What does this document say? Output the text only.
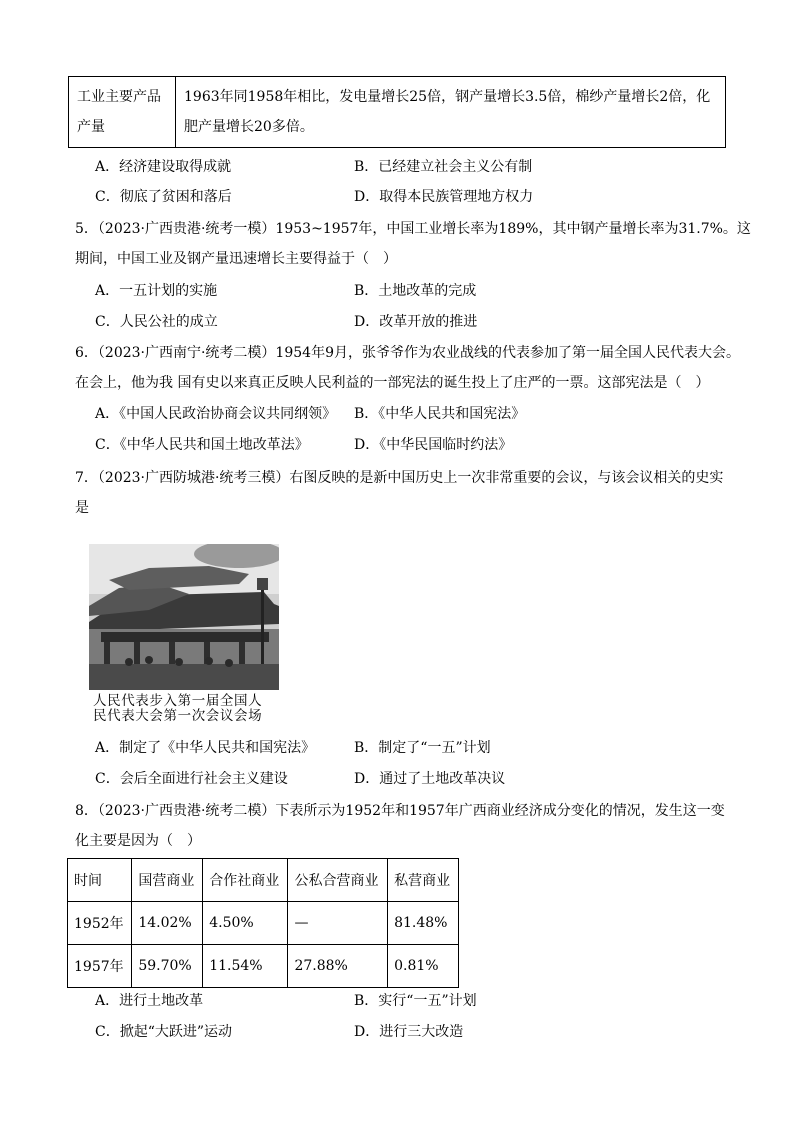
工业主要产品产量	1963年同1958年相比，发电量增长25倍，钢产量增长3.5倍，棉纱产量增长2倍，化肥产量增长20多倍。
A．经济建设取得成就	B．已经建立社会主义公有制
C．彻底了贫困和落后	D．取得本民族管理地方权力
5．（2023·广西贵港·统考一模）1953~1957年，中国工业增长率为189%，其中钢产量增长率为31.7%。这
期间，中国工业及钢产量迅速增长主要得益于（　）
A．一五计划的实施	B．土地改革的完成
C．人民公社的成立	D．改革开放的推进
6．（2023·广西南宁·统考二模）1954年9月，张爷爷作为农业战线的代表参加了第一届全国人民代表大会。
在会上，他为我 国有史以来真正反映人民利益的一部宪法的诞生投上了庄严的一票。这部宪法是（　）
A．《中国人民政治协商会议共同纲领》 B．《中华人民共和国宪法》
C．《中华人民共和国土地改革法》	D．《中华民国临时约法》
7．（2023·广西防城港·统考三模）右图反映的是新中国历史上一次非常重要的会议，与该会议相关的史实
是
人民代表步入第一届全国人
民代表大会第一次会议会场
A．制定了《中华人民共和国宪法》	B．制定了“一五”计划
C．会后全面进行社会主义建设	D．通过了土地改革决议
8．（2023·广西贵港·统考二模）下表所示为1952年和1957年广西商业经济成分变化的情况，发生这一变
化主要是因为（　）
时间	国营商业	合作社商业	公私合营商业	私营商业
1952年	14.02%	4.50%	—	81.48%
1957年	59.70%	11.54%	27.88%	0.81%
A．进行土地改革	B．实行“一五”计划
C．掀起“大跃进”运动	D．进行三大改造
